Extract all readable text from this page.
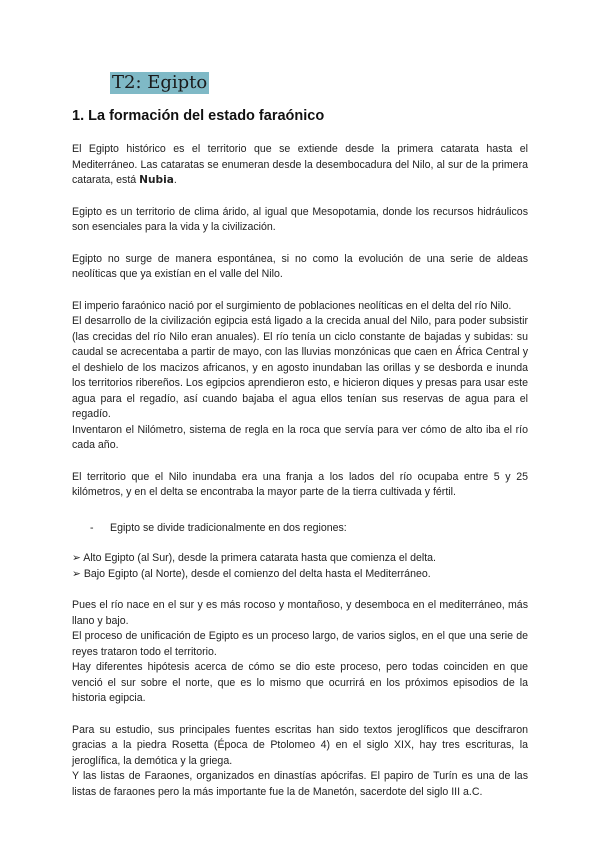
T2: Egipto
1. La formación del estado faraónico

El Egipto histórico es el territorio que se extiende desde la primera catarata hasta el Mediterráneo. Las cataratas se enumeran desde la desembocadura del Nilo, al sur de la primera catarata, está Nubia.

Egipto es un territorio de clima árido, al igual que Mesopotamia, donde los recursos hidráulicos son esenciales para la vida y la civilización.

Egipto no surge de manera espontánea, si no como la evolución de una serie de aldeas neolíticas que ya existían en el valle del Nilo.

El imperio faraónico nació por el surgimiento de poblaciones neolíticas en el delta del río Nilo.

El desarrollo de la civilización egipcia está ligado a la crecida anual del Nilo, para poder subsistir (las crecidas del río Nilo eran anuales). El río tenía un ciclo constante de bajadas y subidas: su caudal se acrecentaba a partir de mayo, con las lluvias monzónicas que caen en África Central y el deshielo de los macizos africanos, y en agosto inundaban las orillas y se desborda e inunda los territorios ribereños. Los egipcios aprendieron esto, e hicieron diques y presas para usar este agua para el regadío, así cuando bajaba el agua ellos tenían sus reservas de agua para el regadío.

Inventaron el Nilómetro, sistema de regla en la roca que servía para ver cómo de alto iba el río cada año.

El territorio que el Nilo inundaba era una franja a los lados del río ocupaba entre 5 y 25 kilómetros, y en el delta se encontraba la mayor parte de la tierra cultivada y fértil.

-	Egipto se divide tradicionalmente en dos regiones:
➢ Alto Egipto (al Sur), desde la primera catarata hasta que comienza el delta.
➢ Bajo Egipto (al Norte), desde el comienzo del delta hasta el Mediterráneo.

Pues el río nace en el sur y es más rocoso y montañoso, y desemboca en el mediterráneo, más llano y bajo.

El proceso de unificación de Egipto es un proceso largo, de varios siglos, en el que una serie de reyes trataron todo el territorio.

Hay diferentes hipótesis acerca de cómo se dio este proceso, pero todas coinciden en que venció el sur sobre el norte, que es lo mismo que ocurrirá en los próximos episodios de la historia egipcia.

Para su estudio, sus principales fuentes escritas han sido textos jeroglíficos que descifraron gracias a la piedra Rosetta (Época de Ptolomeo 4) en el siglo XIX, hay tres escrituras, la jeroglífica, la demótica y la griega.

Y las listas de Faraones, organizados en dinastías apócrifas. El papiro de Turín es una de las listas de faraones pero la más importante fue la de Manetón, sacerdote del siglo III a.C.
